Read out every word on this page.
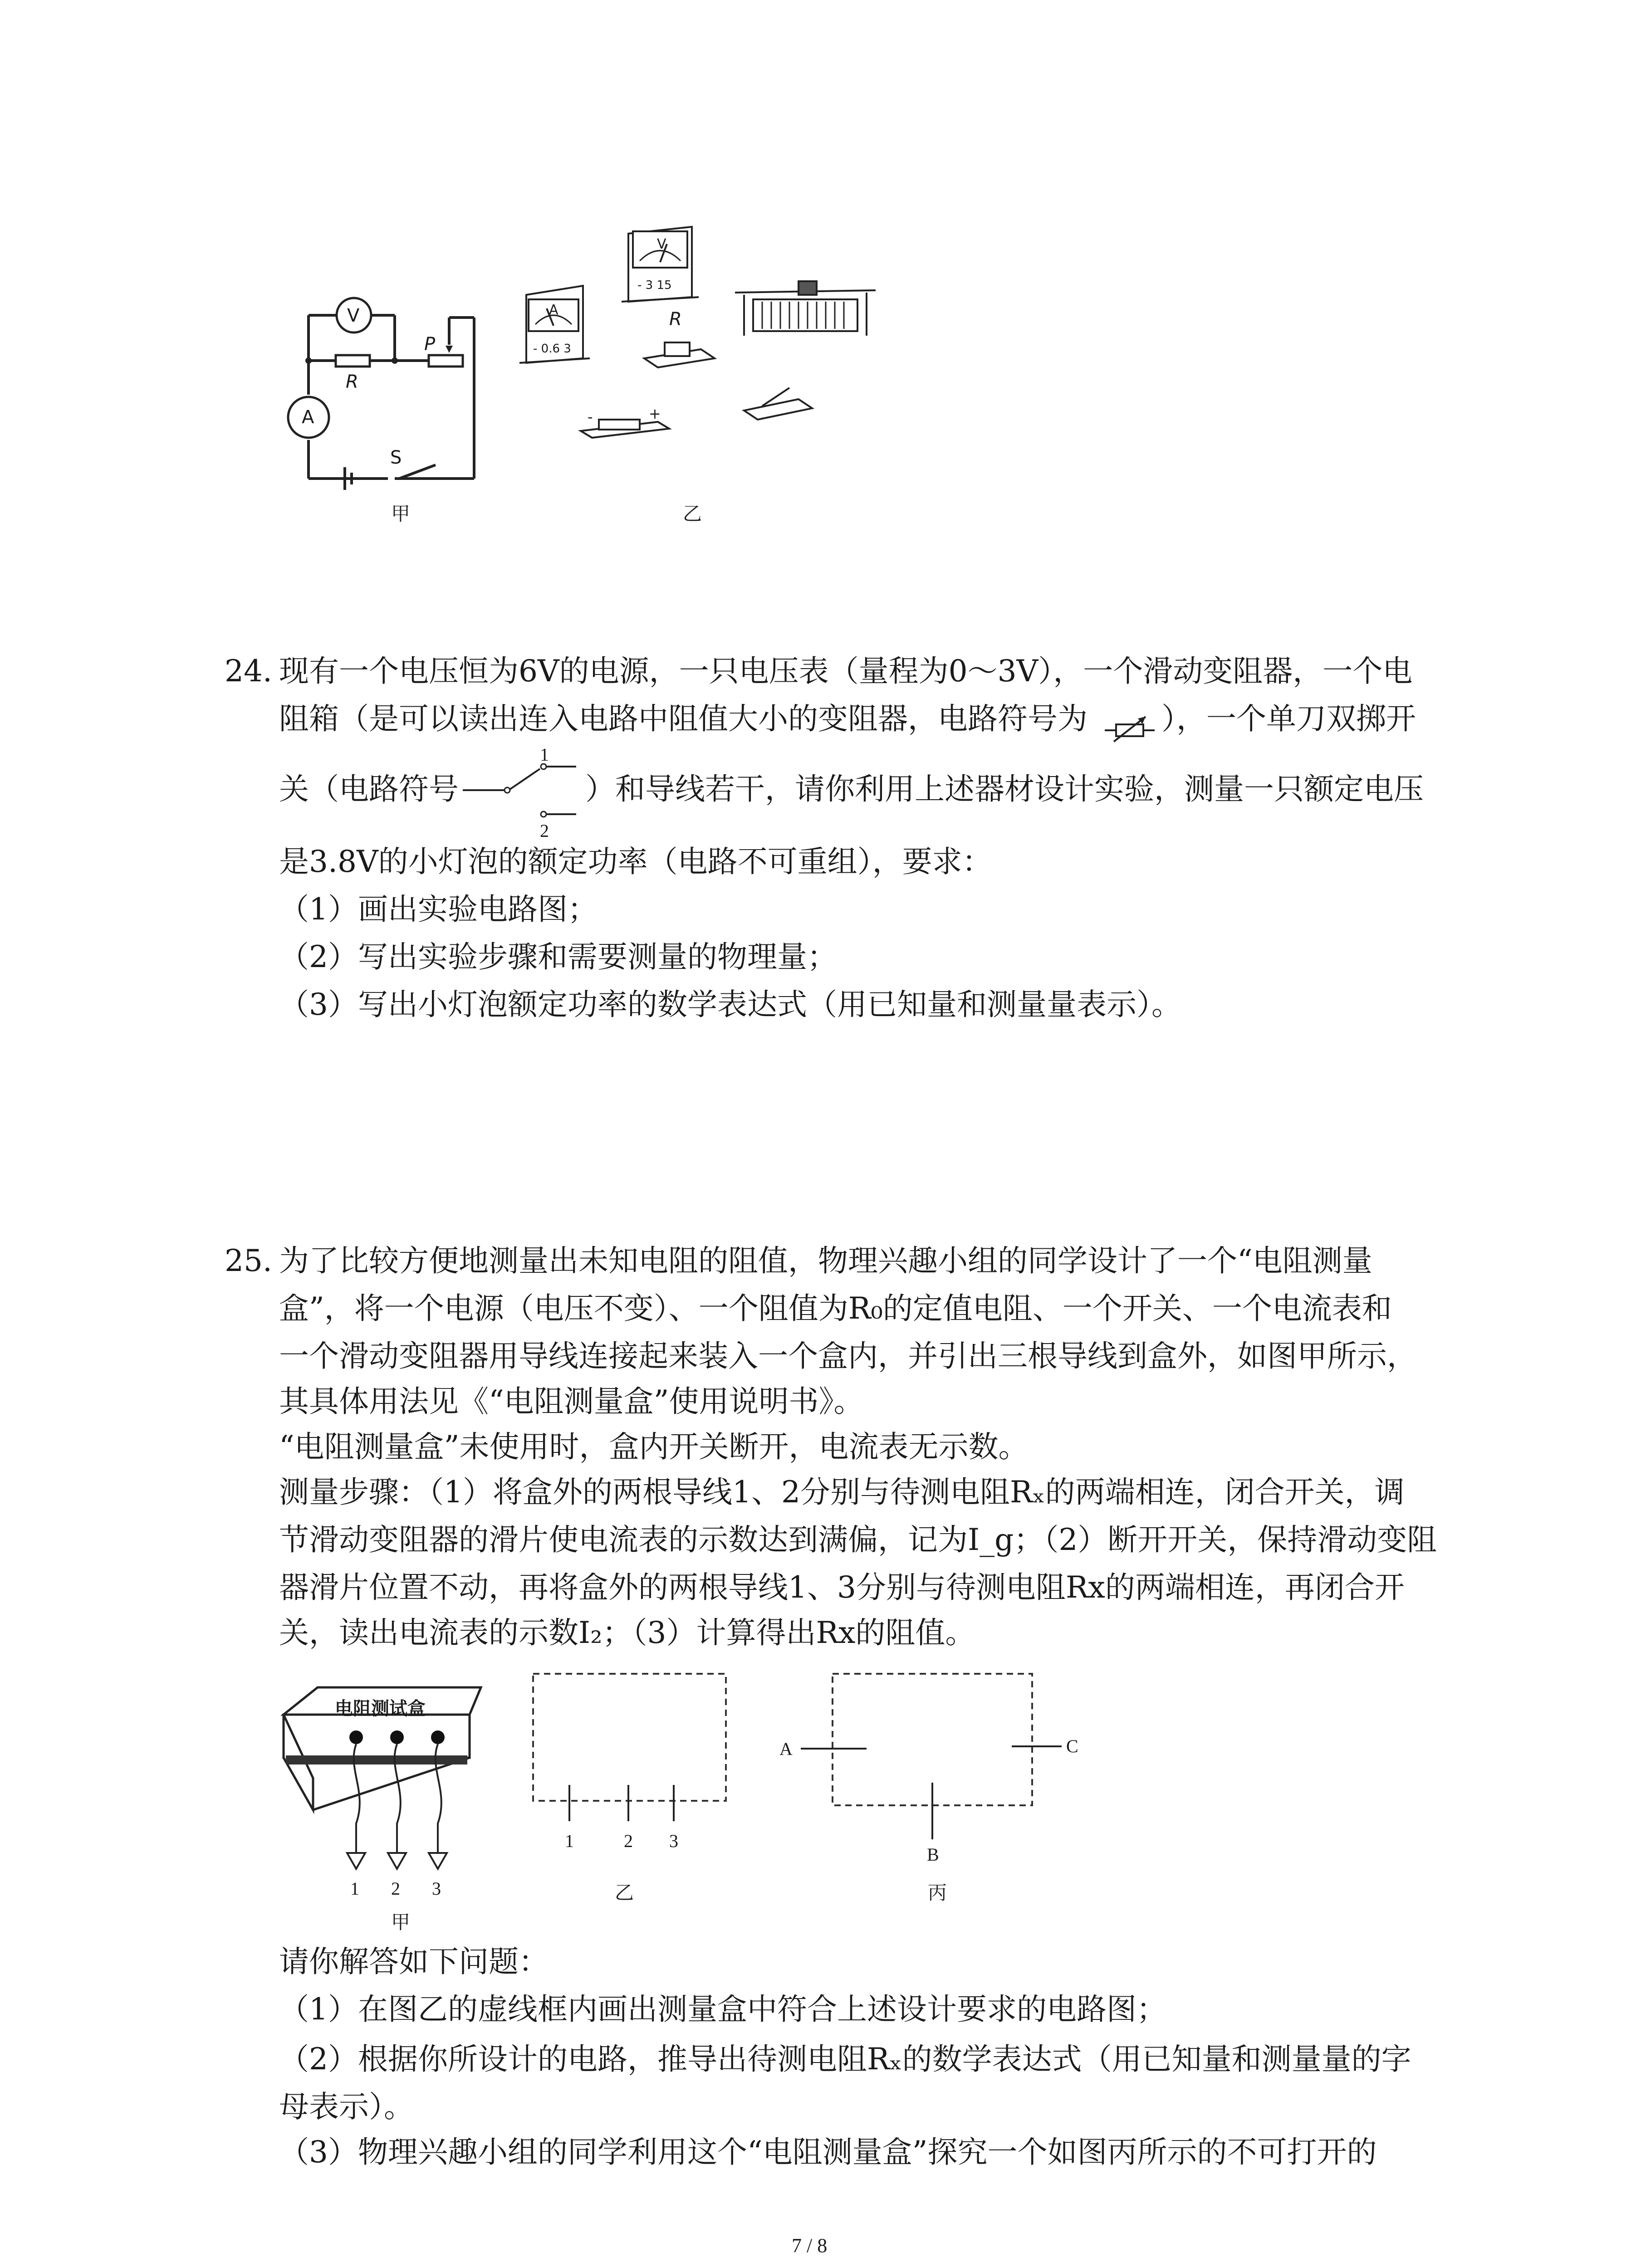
V
A
R
P
S
甲
A
- 0.6 3
V
- 3 15
R
-	+
乙
24. 现有一个电压恒为6V的电源，一只电压表（量程为0～3V），一个滑动变阻器，一个电
阻箱（是可以读出连入电路中阻值大小的变阻器，电路符号为 ），一个单刀双掷开
关（电路符号
1
2
）和导线若干，请你利用上述器材设计实验，测量一只额定电压
是3.8V的小灯泡的额定功率（电路不可重组），要求：
（1）画出实验电路图；
（2）写出实验步骤和需要测量的物理量；
（3）写出小灯泡额定功率的数学表达式（用已知量和测量量表示）。
25. 为了比较方便地测量出未知电阻的阻值，物理兴趣小组的同学设计了一个“电阻测量
盒”，将一个电源（电压不变）、一个阻值为R₀的定值电阻、一个开关、一个电流表和
一个滑动变阻器用导线连接起来装入一个盒内，并引出三根导线到盒外，如图甲所示，
其具体用法见《“电阻测量盒”使用说明书》。
“电阻测量盒”未使用时，盒内开关断开，电流表无示数。
测量步骤：（1）将盒外的两根导线1、2分别与待测电阻Rₓ的两端相连，闭合开关，调
节滑动变阻器的滑片使电流表的示数达到满偏，记为I_g；（2）断开开关，保持滑动变阻
器滑片位置不动，再将盒外的两根导线1、3分别与待测电阻Rx的两端相连，再闭合开
关，读出电流表的示数I₂；（3）计算得出Rx的阻值。
电阻测试盒
1 2 3
甲
1	2 3
乙
A	C
B
丙
请你解答如下问题：
（1）在图乙的虚线框内画出测量盒中符合上述设计要求的电路图；
（2）根据你所设计的电路，推导出待测电阻Rₓ的数学表达式（用已知量和测量量的字
母表示）。
（3）物理兴趣小组的同学利用这个“电阻测量盒”探究一个如图丙所示的不可打开的
7 / 8
